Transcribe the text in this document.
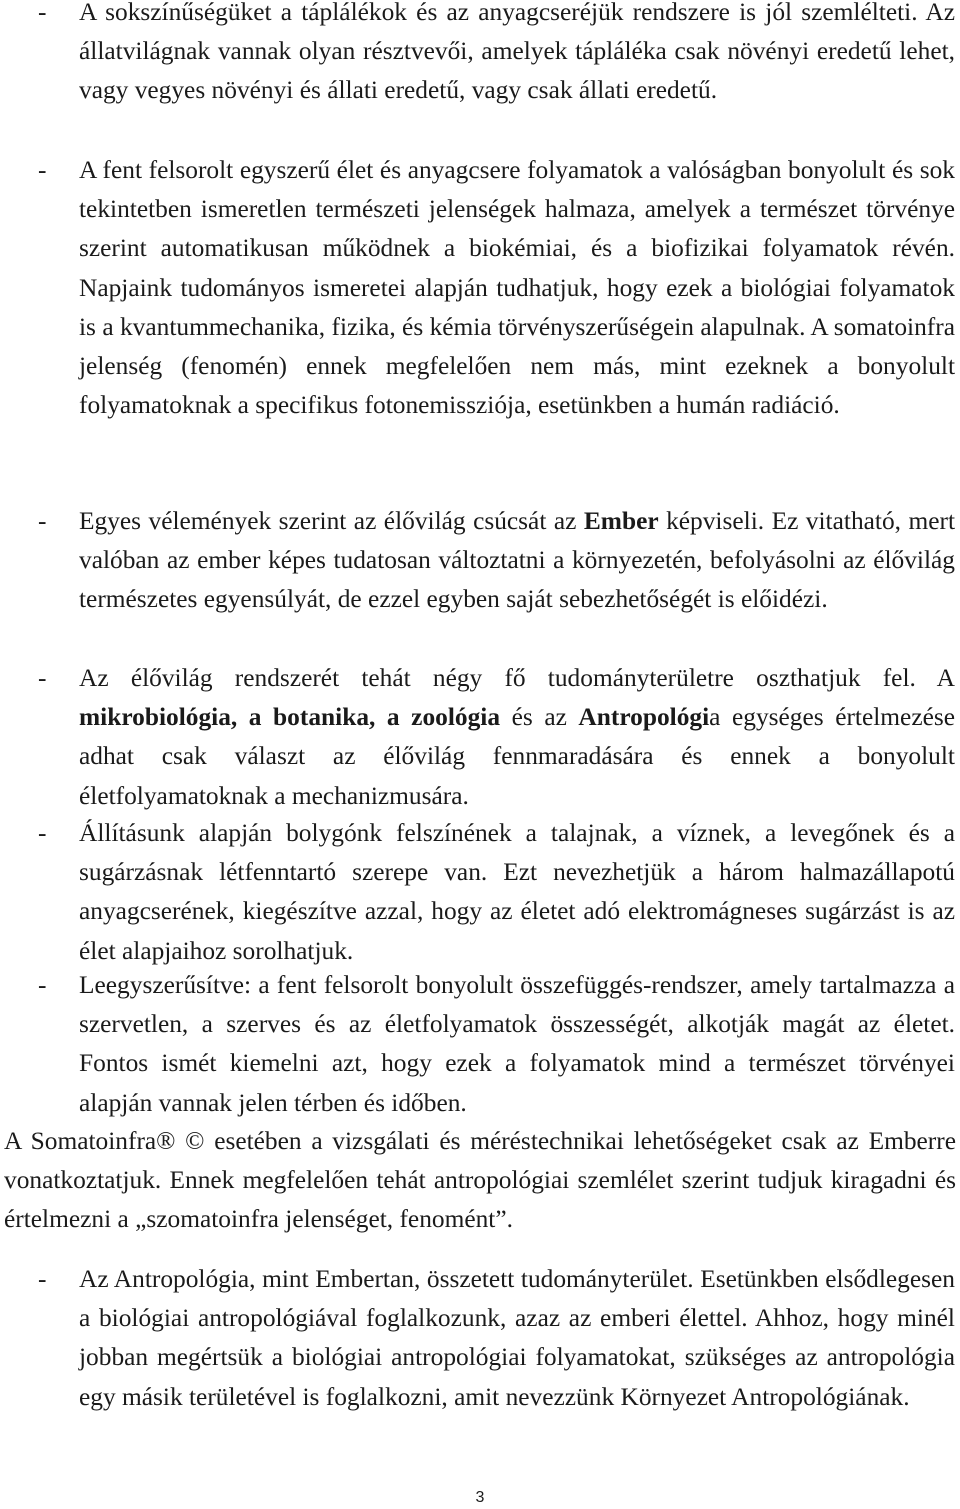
- A sokszínűségüket a táplálékok és az anyagcseréjük rendszere is jól szemlélteti. Az állatvilágnak vannak olyan résztvevői, amelyek tápláléka csak növényi eredetű lehet, vagy vegyes növényi és állati eredetű, vagy csak állati eredetű.
- A fent felsorolt egyszerű élet és anyagcsere folyamatok a valóságban bonyolult és sok tekintetben ismeretlen természeti jelenségek halmaza, amelyek a természet törvénye szerint automatikusan működnek a biokémiai, és a biofizikai folyamatok révén. Napjaink tudományos ismeretei alapján tudhatjuk, hogy ezek a biológiai folyamatok is a kvantummechanika, fizika, és kémia törvényszerűségein alapulnak. A somatoinfra jelenség (fenomén) ennek megfelelően nem más, mint ezeknek a bonyolult folyamatoknak a specifikus fotonemissziója, esetünkben a humán radiáció.
- Egyes vélemények szerint az élővilág csúcsát az Ember képviseli. Ez vitatható, mert valóban az ember képes tudatosan változtatni a környezetén, befolyásolni az élővilág természetes egyensúlyát, de ezzel egyben saját sebezhetőségét is előidézi.
- Az élővilág rendszerét tehát négy fő tudományterületre oszthatjuk fel. A mikrobiológia, a botanika, a zoológia és az Antropológia egységes értelmezése adhat csak választ az élővilág fennmaradására és ennek a bonyolult életfolyamatoknak a mechanizmusára.
- Állításunk alapján bolygónk felszínének a talajnak, a víznek, a levegőnek és a sugárzásnak létfenntartó szerepe van. Ezt nevezhetjük a három halmazállapotú anyagcserének, kiegészítve azzal, hogy az életet adó elektromágneses sugárzást is az élet alapjaihoz sorolhatjuk.
- Leegyszerűsítve: a fent felsorolt bonyolult összefüggés-rendszer, amely tartalmazza a szervetlen, a szerves és az életfolyamatok összességét, alkotják magát az életet. Fontos ismét kiemelni azt, hogy ezek a folyamatok mind a természet törvényei alapján vannak jelen térben és időben.
A Somatoinfra® © esetében a vizsgálati és méréstechnikai lehetőségeket csak az Emberre vonatkoztatjuk. Ennek megfelelően tehát antropológiai szemlélet szerint tudjuk kiragadni és értelmezni a „szomatoinfra jelenséget, fenomént”.
- Az Antropológia, mint Embertan, összetett tudományterület. Esetünkben elsődlegesen a biológiai antropológiával foglalkozunk, azaz az emberi élettel. Ahhoz, hogy minél jobban megértsük a biológiai antropológiai folyamatokat, szükséges az antropológia egy másik területével is foglalkozni, amit nevezzünk Környezet Antropológiának.
3
